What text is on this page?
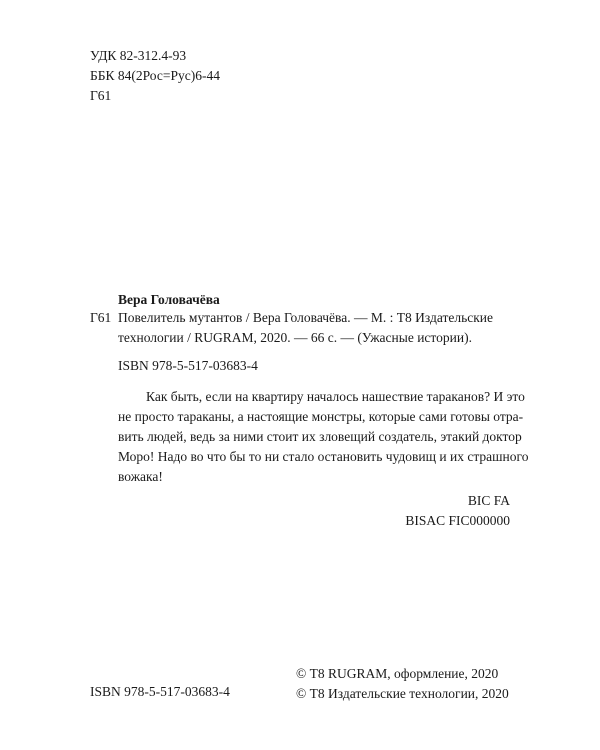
УДК 82-312.4-93
ББК 84(2Рос=Рус)6-44
Г61
Вера Головачёва
Г61 Повелитель мутантов / Вера Головачёва. — М. : Т8 Издательские
технологии / RUGRAM, 2020. — 66 с. — (Ужасные истории).
ISBN 978-5-517-03683-4
Как быть, если на квартиру началось нашествие тараканов? И это
не просто тараканы, а настоящие монстры, которые сами готовы отра-
вить людей, ведь за ними стоит их зловещий создатель, этакий доктор
Моро! Надо во что бы то ни стало остановить чудовищ и их страшного
вожака!
BIC FA
BISAC FIC000000
ISBN 978-5-517-03683-4
© Т8 RUGRAM, оформление, 2020
© Т8 Издательские технологии, 2020
